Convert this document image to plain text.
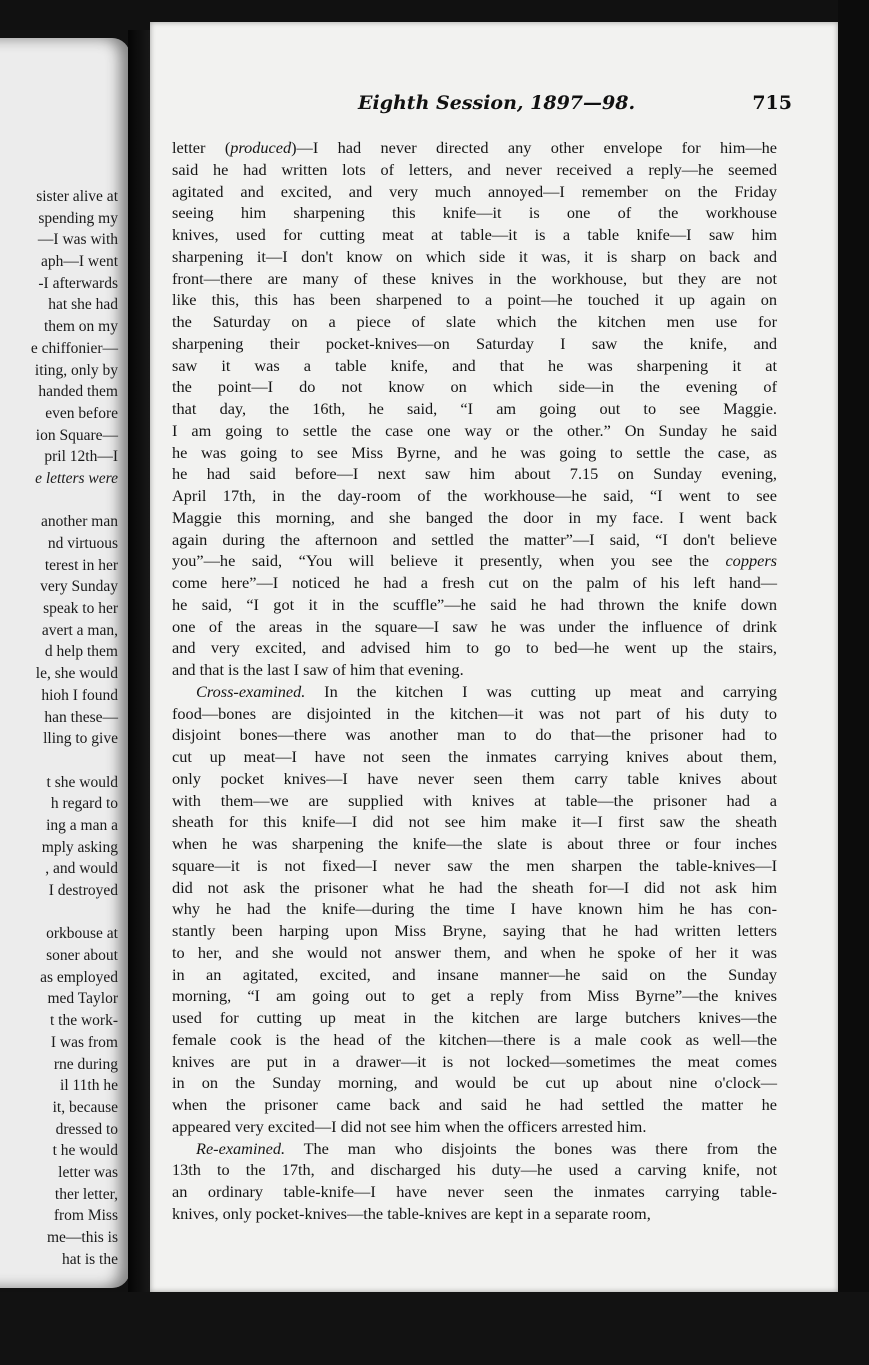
sister alive at
spending my
—I was with
aph—I went
-I afterwards
hat she had
them on my
e chiffonier—
iting, only by
handed them
even before
ion Square—
pril 12th—I
e letters were
another man
nd virtuous
terest in her
very Sunday
speak to her
avert a man,
d help them
le, she would
hioh I found
han these—
lling to give
t she would
h regard to
ing a man a
mply asking
, and would
I destroyed
orkbouse at
soner about
as employed
med Taylor
t the work-
I was from
rne during
il 11th he
it, because
dressed to
t he would
letter was
ther letter,
from Miss
me—this is
hat is the
Eighth Session, 1897—98.	715
letter (produced)—I had never directed any other envelope for him—he
said he had written lots of letters, and never received a reply—he seemed
agitated and excited, and very much annoyed—I remember on the Friday
seeing him sharpening this knife—it is one of the workhouse
knives, used for cutting meat at table—it is a table knife—I saw him
sharpening it—I don't know on which side it was, it is sharp on back and
front—there are many of these knives in the workhouse, but they are not
like this, this has been sharpened to a point—he touched it up again on
the Saturday on a piece of slate which the kitchen men use for
sharpening their pocket-knives—on Saturday I saw the knife, and
saw it was a table knife, and that he was sharpening it at
the point—I do not know on which side—in the evening of
that day, the 16th, he said, “I am going out to see Maggie.
I am going to settle the case one way or the other.” On Sunday he said
he was going to see Miss Byrne, and he was going to settle the case, as
he had said before—I next saw him about 7.15 on Sunday evening,
April 17th, in the day-room of the workhouse—he said, “I went to see
Maggie this morning, and she banged the door in my face. I went back
again during the afternoon and settled the matter”—I said, “I don't believe
you”—he said, “You will believe it presently, when you see the coppers
come here”—I noticed he had a fresh cut on the palm of his left hand—
he said, “I got it in the scuffle”—he said he had thrown the knife down
one of the areas in the square—I saw he was under the influence of drink
and very excited, and advised him to go to bed—he went up the stairs,
and that is the last I saw of him that evening.
Cross-examined. In the kitchen I was cutting up meat and carrying
food—bones are disjointed in the kitchen—it was not part of his duty to
disjoint bones—there was another man to do that—the prisoner had to
cut up meat—I have not seen the inmates carrying knives about them,
only pocket knives—I have never seen them carry table knives about
with them—we are supplied with knives at table—the prisoner had a
sheath for this knife—I did not see him make it—I first saw the sheath
when he was sharpening the knife—the slate is about three or four inches
square—it is not fixed—I never saw the men sharpen the table-knives—I
did not ask the prisoner what he had the sheath for—I did not ask him
why he had the knife—during the time I have known him he has con-
stantly been harping upon Miss Bryne, saying that he had written letters
to her, and she would not answer them, and when he spoke of her it was
in an agitated, excited, and insane manner—he said on the Sunday
morning, “I am going out to get a reply from Miss Byrne”—the knives
used for cutting up meat in the kitchen are large butchers knives—the
female cook is the head of the kitchen—there is a male cook as well—the
knives are put in a drawer—it is not locked—sometimes the meat comes
in on the Sunday morning, and would be cut up about nine o'clock—
when the prisoner came back and said he had settled the matter he
appeared very excited—I did not see him when the officers arrested him.
Re-examined. The man who disjoints the bones was there from the
13th to the 17th, and discharged his duty—he used a carving knife, not
an ordinary table-knife—I have never seen the inmates carrying table-
knives, only pocket-knives—the table-knives are kept in a separate room,
